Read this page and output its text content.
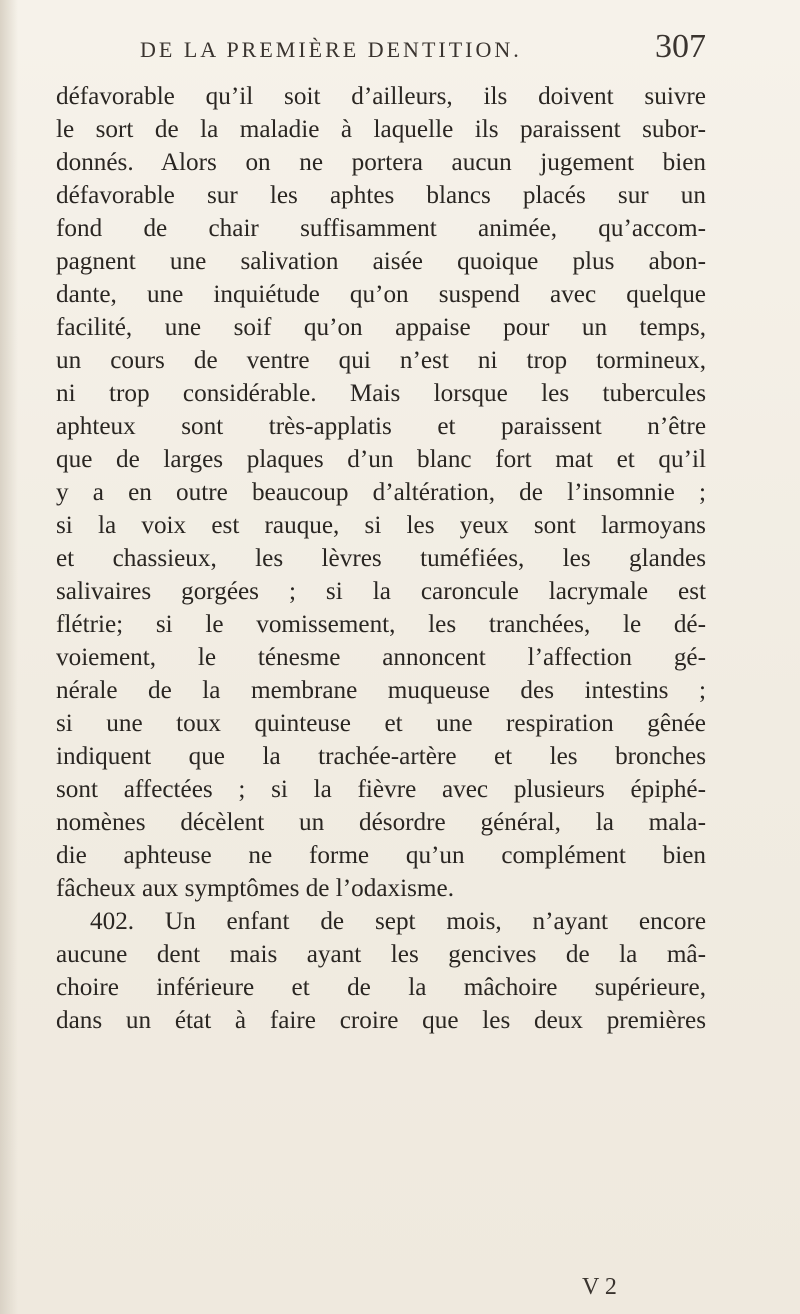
DE LA PREMIÈRE DENTITION.	307
défavorable qu’il soit d’ailleurs, ils doivent suivre
le sort de la maladie à laquelle ils paraissent subor-
donnés. Alors on ne portera aucun jugement bien
défavorable sur les aphtes blancs placés sur un
fond de chair suffisamment animée, qu’accom-
pagnent une salivation aisée quoique plus abon-
dante, une inquiétude qu’on suspend avec quelque
facilité, une soif qu’on appaise pour un temps,
un cours de ventre qui n’est ni trop tormineux,
ni trop considérable. Mais lorsque les tubercules
aphteux sont très-applatis et paraissent n’être
que de larges plaques d’un blanc fort mat et qu’il
y a en outre beaucoup d’altération, de l’insomnie ;
si la voix est rauque, si les yeux sont larmoyans
et chassieux, les lèvres tuméfiées, les glandes
salivaires gorgées ; si la caroncule lacrymale est
flétrie; si le vomissement, les tranchées, le dé-
voiement, le ténesme annoncent l’affection gé-
nérale de la membrane muqueuse des intestins ;
si une toux quinteuse et une respiration gênée
indiquent que la trachée-artère et les bronches
sont affectées ; si la fièvre avec plusieurs épiphé-
nomènes décèlent un désordre général, la mala-
die aphteuse ne forme qu’un complément bien
fâcheux aux symptômes de l’odaxisme.
402. Un enfant de sept mois, n’ayant encore
aucune dent mais ayant les gencives de la mâ-
choire inférieure et de la mâchoire supérieure,
dans un état à faire croire que les deux premières
V 2
